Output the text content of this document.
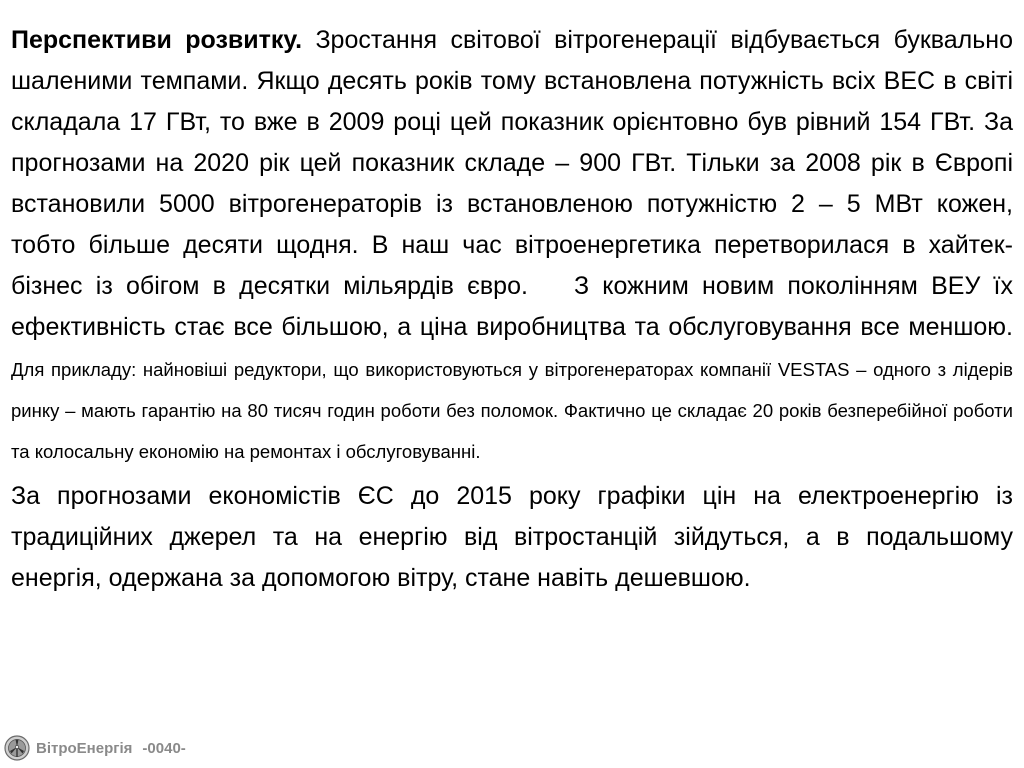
Перспективи розвитку. Зростання світової вітрогенерації відбувається буквально шаленими темпами. Якщо десять років тому встановлена потужність всіх ВЕС в світі складала 17 ГВт, то вже в 2009 році цей показник орієнтовно був рівний 154 ГВт. За прогнозами на 2020 рік цей показник складе – 900 ГВт. Тільки за 2008 рік в Європі встановили 5000 вітрогенераторів із встановленою потужністю 2 – 5 МВт кожен, тобто більше десяти щодня. В наш час вітроенергетика перетворилася в хайтек-бізнес із обігом в десятки мільярдів євро. З кожним новим поколінням ВЕУ їх ефективність стає все більшою, а ціна виробництва та обслуговування все меншою. Для прикладу: найновіші редуктори, що використовуються у вітрогенераторах компанії VESTAS – одного з лідерів ринку – мають гарантію на 80 тисяч годин роботи без поломок. Фактично це складає 20 років безперебійної роботи та колосальну економію на ремонтах і обслуговуванні.

За прогнозами економістів ЄС до 2015 року графіки цін на електроенергію із традиційних джерел та на енергію від вітростанцій зійдуться, а в подальшому енергія, одержана за допомогою вітру, стане навіть дешевшою.

ВітроЕнергія -0040-
